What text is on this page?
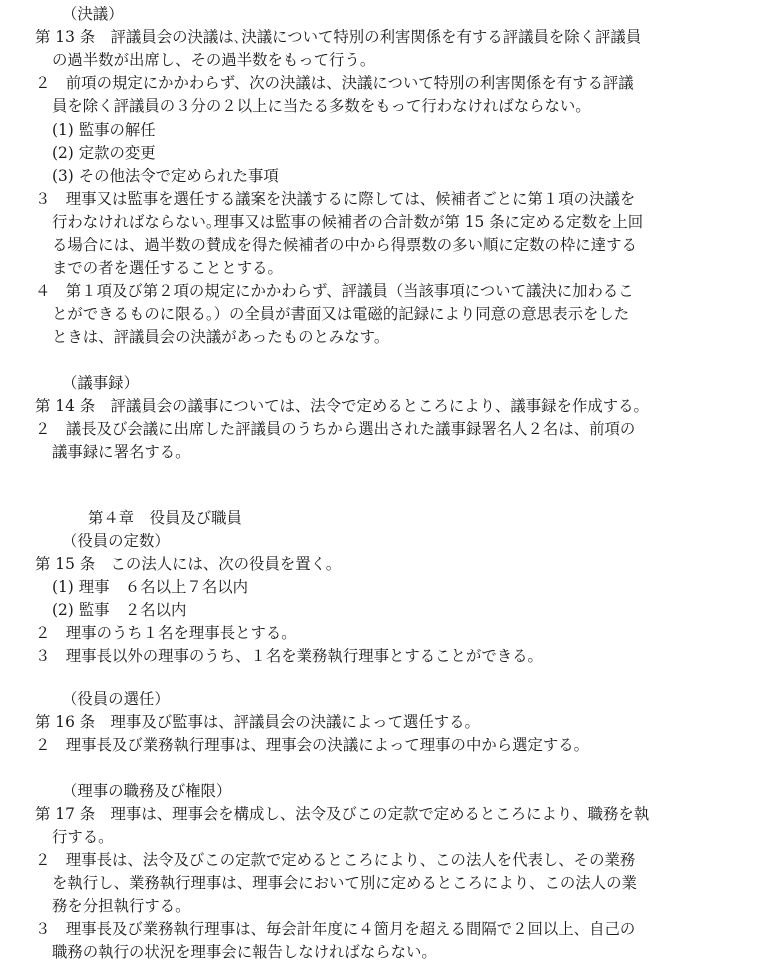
（決議）
第 13 条　評議員会の決議は､決議について特別の利害関係を有する評議員を除く評議員
の過半数が出席し、その過半数をもって行う。
２　前項の規定にかかわらず、次の決議は、決議について特別の利害関係を有する評議
員を除く評議員の３分の２以上に当たる多数をもって行わなければならない。
(1) 監事の解任
(2) 定款の変更
(3) その他法令で定められた事項
３　理事又は監事を選任する議案を決議するに際しては、候補者ごとに第１項の決議を
行わなければならない｡理事又は監事の候補者の合計数が第 15 条に定める定数を上回
る場合には、過半数の賛成を得た候補者の中から得票数の多い順に定数の枠に達する
までの者を選任することとする。
４　第１項及び第２項の規定にかかわらず、評議員（当該事項について議決に加わるこ
とができるものに限る。）の全員が書面又は電磁的記録により同意の意思表示をした
ときは、評議員会の決議があったものとみなす。
（議事録）
第 14 条　評議員会の議事については、法令で定めるところにより、議事録を作成する。
２　議長及び会議に出席した評議員のうちから選出された議事録署名人２名は、前項の
議事録に署名する。
第４章　役員及び職員
（役員の定数）
第 15 条　この法人には、次の役員を置く。
(1) 理事　６名以上７名以内
(2) 監事　２名以内
２　理事のうち１名を理事長とする。
３　理事長以外の理事のうち、１名を業務執行理事とすることができる。
（役員の選任）
第 16 条　理事及び監事は、評議員会の決議によって選任する。
２　理事長及び業務執行理事は、理事会の決議によって理事の中から選定する。
（理事の職務及び権限）
第 17 条　理事は、理事会を構成し、法令及びこの定款で定めるところにより、職務を執
行する。
２　理事長は、法令及びこの定款で定めるところにより、この法人を代表し、その業務
を執行し、業務執行理事は、理事会において別に定めるところにより、この法人の業
務を分担執行する。
３　理事長及び業務執行理事は、毎会計年度に４箇月を超える間隔で２回以上、自己の
職務の執行の状況を理事会に報告しなければならない。
